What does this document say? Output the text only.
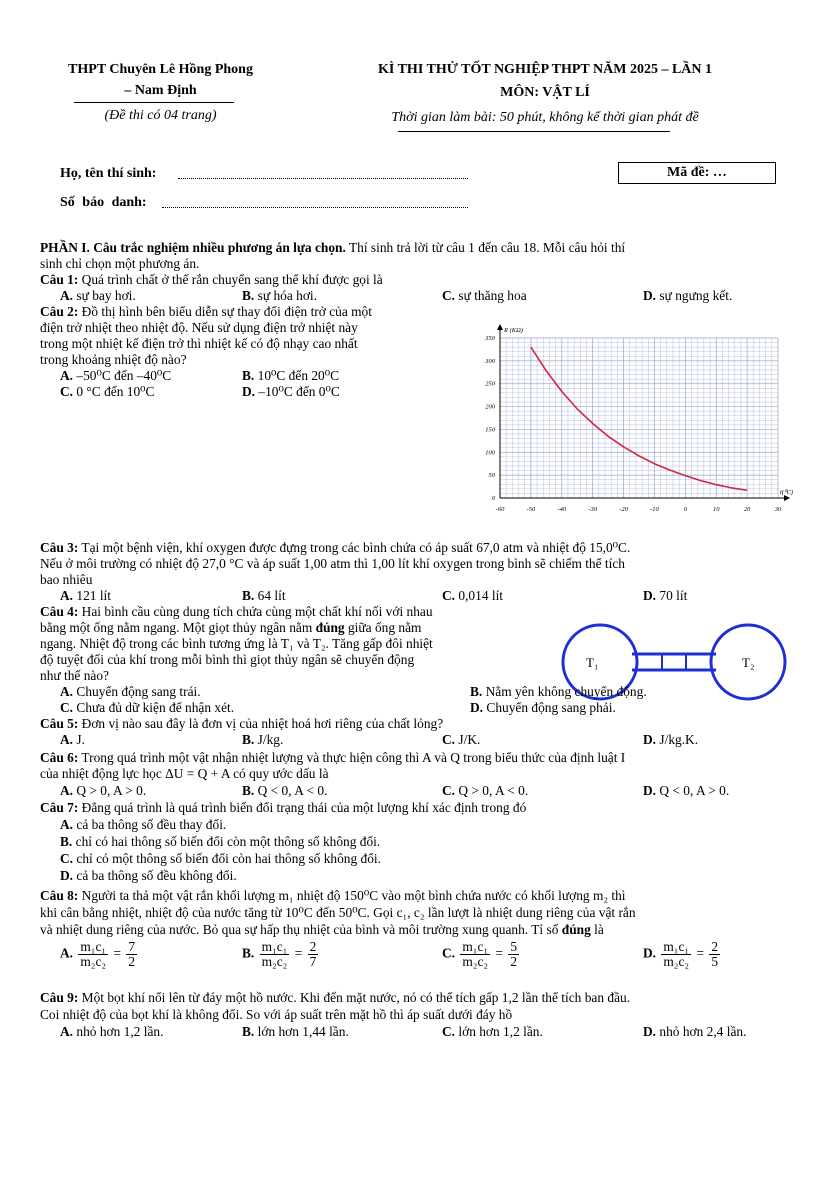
THPT Chuyên Lê Hồng Phong
– Nam Định
(Đề thi có 04 trang)
KÌ THI THỬ TỐT NGHIỆP THPT NĂM 2025 – LẦN 1
MÔN: VẬT LÍ
Thời gian làm bài: 50 phút, không kể thời gian phát đề
Họ, tên thí sinh:
Số báo danh:
Mã đề: …
PHẦN I. Câu trắc nghiệm nhiều phương án lựa chọn. Thí sinh trả lời từ câu 1 đến câu 18. Mỗi câu hỏi thí
sinh chỉ chọn một phương án.
Câu 1: Quá trình chất ở thể rắn chuyển sang thể khí được gọi là
A. sự bay hơi.	B. sự hóa hơi.	C. sự thăng hoa	D. sự ngưng kết.
Câu 2: Đồ thị hình bên biểu diễn sự thay đổi điện trở của một
điện trở nhiệt theo nhiệt độ. Nếu sử dụng điện trở nhiệt này
trong một nhiệt kế điện trở thì nhiệt kế có độ nhạy cao nhất
trong khoảng nhiệt độ nào?
A. –50⁰C đến –40⁰C	B. 10⁰C đến 20⁰C
C. 0 °C đến 10⁰C	D. –10⁰C đến 0⁰C
-60	-50	-40	-30	-20	-10	0	10	20	30
0
50
100
150
200
250
300
350
R (KΩ)
t(⁰C)
Câu 3: Tại một bệnh viện, khí oxygen được đựng trong các bình chứa có áp suất 67,0 atm và nhiệt độ 15,0⁰C.
Nếu ở môi trường có nhiệt độ 27,0 °C và áp suất 1,00 atm thì 1,00 lít khí oxygen trong bình sẽ chiếm thể tích
bao nhiêu
A. 121 lít	B. 64 lít	C. 0,014 lít	D. 70 lít
Câu 4: Hai bình cầu cùng dung tích chứa cùng một chất khí nối với nhau
bằng một ống nằm ngang. Một giọt thủy ngân nằm đúng giữa ống nằm
ngang. Nhiệt độ trong các bình tương ứng là T₁ và T₂. Tăng gấp đôi nhiệt
độ tuyệt đối của khí trong mỗi bình thì giọt thủy ngân sẽ chuyển động
như thế nào?
T₁	T₂
A. Chuyển động sang trái.	B. Nằm yên không chuyển động.
C. Chưa đủ dữ kiện để nhận xét.	D. Chuyển động sang phải.
Câu 5: Đơn vị nào sau đây là đơn vị của nhiệt hoá hơi riêng của chất lỏng?
A. J.	B. J/kg.	C. J/K.	D. J/kg.K.
Câu 6: Trong quá trình một vật nhận nhiệt lượng và thực hiện công thì A và Q trong biểu thức của định luật I
của nhiệt động lực học ΔU = Q + A có quy ước dấu là
A. Q > 0, A > 0.	B. Q < 0, A < 0.	C. Q > 0, A < 0.	D. Q < 0, A > 0.
Câu 7: Đẳng quá trình là quá trình biến đổi trạng thái của một lượng khí xác định trong đó
A. cả ba thông số đều thay đổi.
B. chỉ có hai thông số biến đổi còn một thông số không đổi.
C. chỉ có một thông số biến đổi còn hai thông số không đổi.
D. cả ba thông số đều không đổi.
Câu 8: Người ta thả một vật rắn khối lượng m₁ nhiệt độ 150⁰C vào một bình chứa nước có khối lượng m₂ thì
khi cân bằng nhiệt, nhiệt độ của nước tăng từ 10⁰C đến 50⁰C. Gọi c₁, c₂ lần lượt là nhiệt dung riêng của vật rắn
và nhiệt dung riêng của nước. Bỏ qua sự hấp thụ nhiệt của bình và môi trường xung quanh. Tỉ số đúng là
A. $\frac{\text{m₁c₁}}{\text{m₂c₂}} = \frac{7}{2}$	B. $\frac{\text{m₁c₁}}{\text{m₂c₂}} = \frac{2}{7}$	C. $\frac{\text{m₁c₁}}{\text{m₂c₂}} = \frac{5}{2}$	D. $\frac{\text{m₁c₁}}{\text{m₂c₂}} = \frac{2}{5}$
Câu 9: Một bọt khí nổi lên từ đáy một hồ nước. Khi đến mặt nước, nó có thể tích gấp 1,2 lần thể tích ban đầu.
Coi nhiệt độ của bọt khí là không đổi. So với áp suất trên mặt hồ thì áp suất dưới đáy hồ
A. nhỏ hơn 1,2 lần.	B. lớn hơn 1,44 lần.	C. lớn hơn 1,2 lần.	D. nhỏ hơn 2,4 lần.
